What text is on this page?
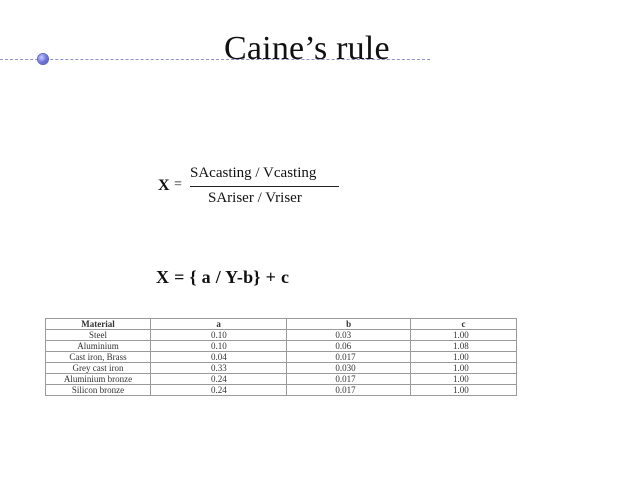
Caine’s rule
X =
SAcasting / Vcasting
SAriser / Vriser
X = { a / Y-b} + c
Material	a	b	c
Steel	0.10	0.03	1.00
Aluminium	0.10	0.06	1.08
Cast iron, Brass	0.04	0.017	1.00
Grey cast iron	0.33	0.030	1.00
Aluminium bronze	0.24	0.017	1.00
Silicon bronze	0.24	0.017	1.00
